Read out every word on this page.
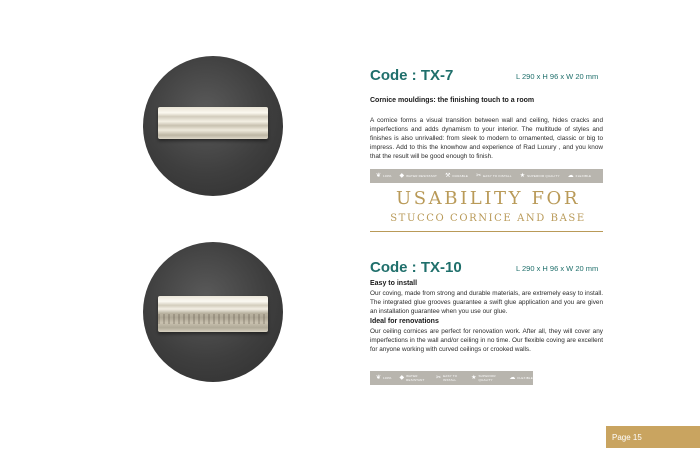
Code : TX-7	L 290 x H 96 x W 20 mm
Cornice mouldings: the finishing touch to a room
A cornice forms a visual transition between wall and ceiling, hides cracks and imperfections and adds dynamism to your interior. The multitude of styles and finishes is also unrivalled: from sleek to modern to ornamented, classic or big to impress. Add to this the knowhow and experience of Rad Luxury , and you know that the result will be good enough to finish.
❦ 100% ◆ WATER RESISTANT ⚒ DURABLE ✂ EASY TO INSTALL ★ SUPERIOR QUALITY ☁ FLEXIBLE
USABILITY FOR
STUCCO CORNICE AND BASE
Code : TX-10	L 290 x H 96 x W 20 mm
Easy to install
Our coving, made from strong and durable materials, are extremely easy to install. The integrated glue grooves guarantee a swift glue application and you are given an installation guarantee when you use our glue.
Ideal for renovations
Our ceiling cornices are perfect for renovation work. After all, they will cover any imperfections in the wall and/or ceiling in no time. Our flexible coving are excellent for anyone working with curved ceilings or crooked walls.
❦ 100% ◆ WATER RESISTANT	✂ EASY TO INSTALL	★ SUPERIOR QUALITY	☁ FLEXIBLE
Page 15
